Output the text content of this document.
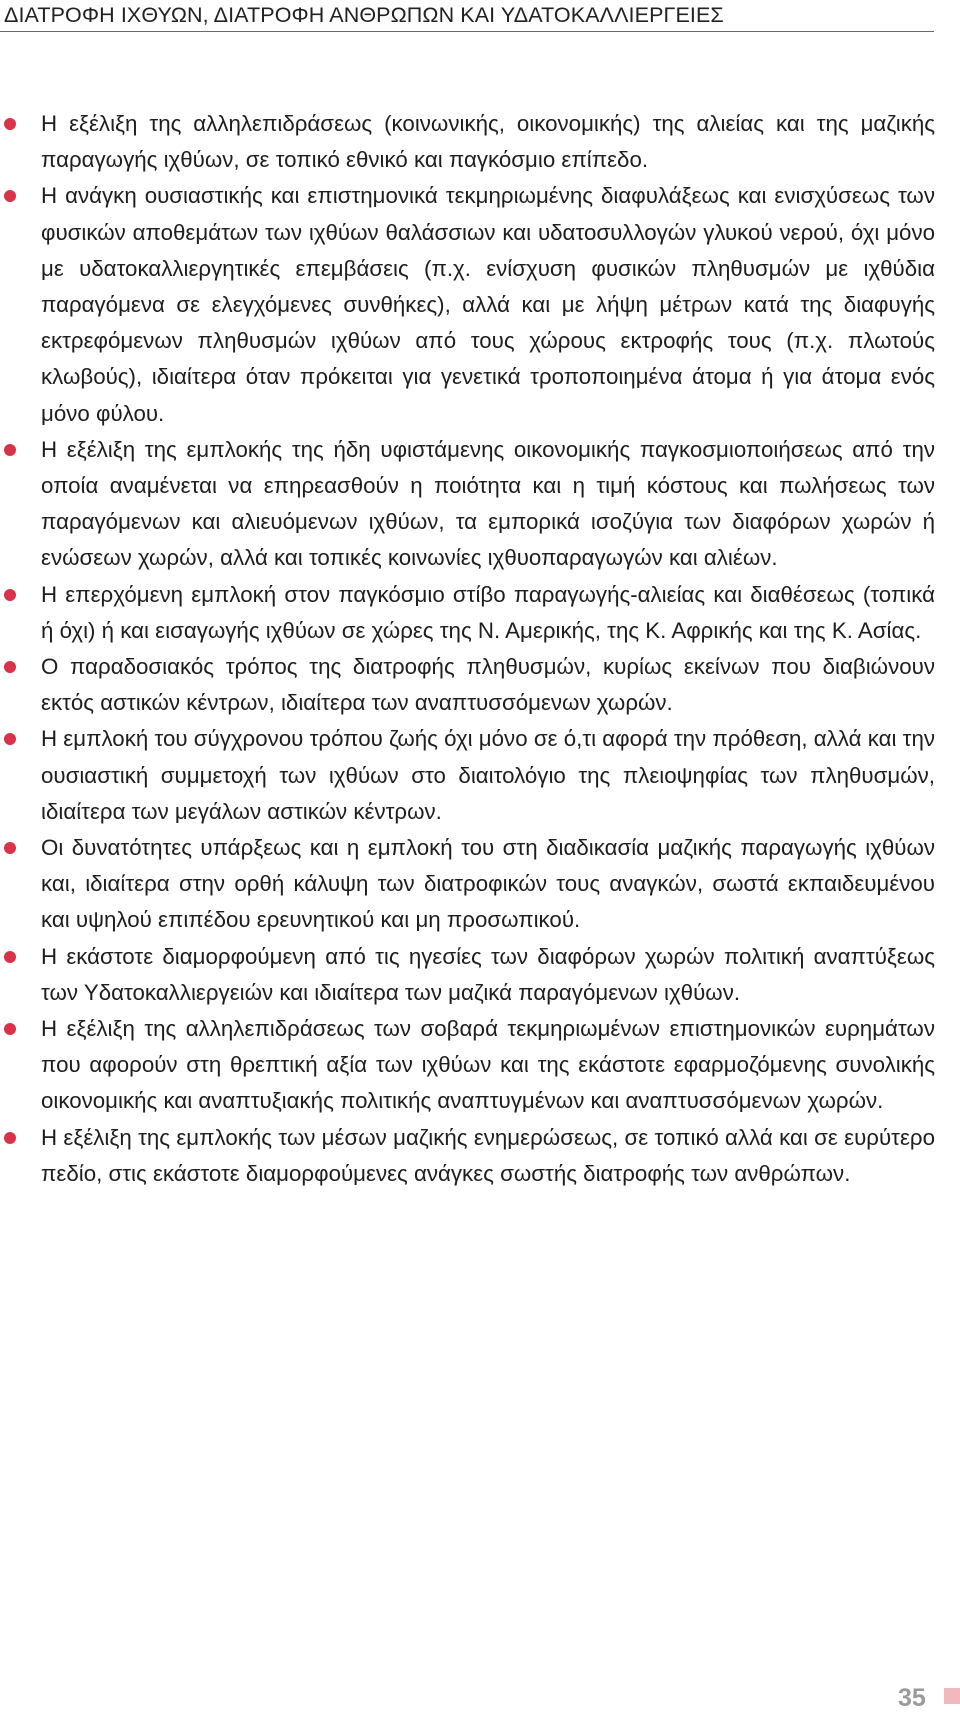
ΔΙΑΤΡΟΦΗ ΙΧΘΥΩΝ, ΔΙΑΤΡΟΦΗ ΑΝΘΡΩΠΩΝ ΚΑΙ ΥΔΑΤΟΚΑΛΛΙΕΡΓΕΙΕΣ
Η εξέλιξη της αλληλεπιδράσεως (κοινωνικής, οικονομικής) της αλιείας και της μαζικής παραγωγής ιχθύων, σε τοπικό εθνικό και παγκόσμιο επίπεδο.
Η ανάγκη ουσιαστικής και επιστημονικά τεκμηριωμένης διαφυλάξεως και ενισχύσεως των φυσικών αποθεμάτων των ιχθύων θαλάσσιων και υδατοσυλλογών γλυκού νερού, όχι μόνο με υδατοκαλλιεργητικές επεμβάσεις (π.χ. ενίσχυση φυσικών πληθυσμών με ιχθύδια παραγόμενα σε ελεγχόμενες συνθήκες), αλλά και με λήψη μέτρων κατά της διαφυγής εκτρεφόμενων πληθυσμών ιχθύων από τους χώρους εκτροφής τους (π.χ. πλωτούς κλωβούς), ιδιαίτερα όταν πρόκειται για γενετικά τροποποιημένα άτομα ή για άτομα ενός μόνο φύλου.
Η εξέλιξη της εμπλοκής της ήδη υφιστάμενης οικονομικής παγκοσμιοποιήσεως από την οποία αναμένεται να επηρεασθούν η ποιότητα και η τιμή κόστους και πωλήσεως των παραγόμενων και αλιευόμενων ιχθύων, τα εμπορικά ισοζύγια των διαφόρων χωρών ή ενώσεων χωρών, αλλά και τοπικές κοινωνίες ιχθυοπαραγωγών και αλιέων.
Η επερχόμενη εμπλοκή στον παγκόσμιο στίβο παραγωγής-αλιείας και διαθέσεως (τοπικά ή όχι) ή και εισαγωγής ιχθύων σε χώρες της Ν. Αμερικής, της Κ. Αφρικής και της Κ. Ασίας.
Ο παραδοσιακός τρόπος της διατροφής πληθυσμών, κυρίως εκείνων που διαβιώνουν εκτός αστικών κέντρων, ιδιαίτερα των αναπτυσσόμενων χωρών.
Η εμπλοκή του σύγχρονου τρόπου ζωής όχι μόνο σε ό,τι αφορά την πρόθεση, αλλά και την ουσιαστική συμμετοχή των ιχθύων στο διαιτολόγιο της πλειοψηφίας των πληθυσμών, ιδιαίτερα των μεγάλων αστικών κέντρων.
Οι δυνατότητες υπάρξεως και η εμπλοκή του στη διαδικασία μαζικής παραγωγής ιχθύων και, ιδιαίτερα στην ορθή κάλυψη των διατροφικών τους αναγκών, σωστά εκπαιδευμένου και υψηλού επιπέδου ερευνητικού και μη προσωπικού.
Η εκάστοτε διαμορφούμενη από τις ηγεσίες των διαφόρων χωρών πολιτική αναπτύξεως των Υδατοκαλλιεργειών και ιδιαίτερα των μαζικά παραγόμενων ιχθύων.
Η εξέλιξη της αλληλεπιδράσεως των σοβαρά τεκμηριωμένων επιστημονικών ευρημάτων που αφορούν στη θρεπτική αξία των ιχθύων και της εκάστοτε εφαρμοζόμενης συνολικής οικονομικής και αναπτυξιακής πολιτικής αναπτυγμένων και αναπτυσσόμενων χωρών.
Η εξέλιξη της εμπλοκής των μέσων μαζικής ενημερώσεως, σε τοπικό αλλά και σε ευρύτερο πεδίο, στις εκάστοτε διαμορφούμενες ανάγκες σωστής διατροφής των ανθρώπων.
35
